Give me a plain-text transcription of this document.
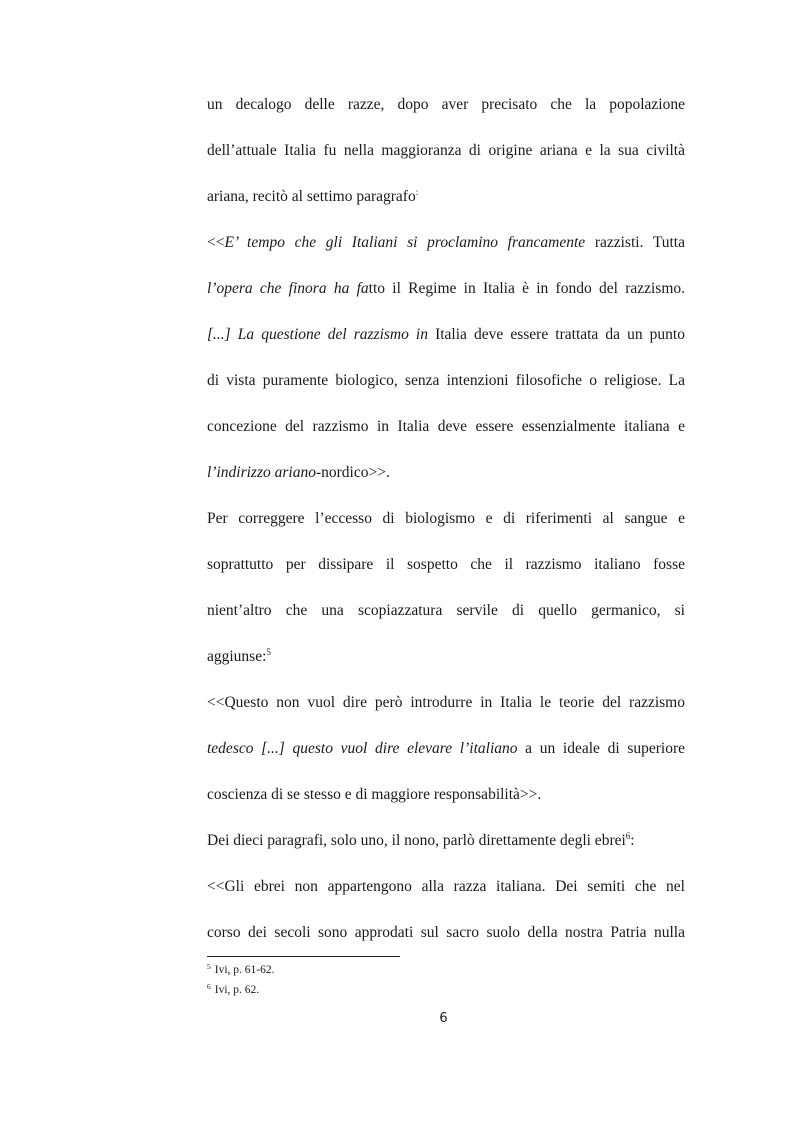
un decalogo delle razze, dopo aver precisato che la popolazione
dell’attuale Italia fu nella maggioranza di origine ariana e la sua civiltà
ariana, recitò al settimo paragrafo:
<<E’ tempo che gli Italiani si proclamino francamente razzisti. Tutta
l’opera che finora ha fatto il Regime in Italia è in fondo del razzismo.
[...] La questione del razzismo in Italia deve essere trattata da un punto
di vista puramente biologico, senza intenzioni filosofiche o religiose. La
concezione del razzismo in Italia deve essere essenzialmente italiana e
l’indirizzo ariano-nordico>>.
Per correggere l’eccesso di biologismo e di riferimenti al sangue e
soprattutto per dissipare il sospetto che il razzismo italiano fosse
nient’altro che una scopiazzatura servile di quello germanico, si
aggiunse:$^5$
<<Questo non vuol dire però introdurre in Italia le teorie del razzismo
tedesco [...] questo vuol dire elevare l’italiano a un ideale di superiore
coscienza di se stesso e di maggiore responsabilità>>.
Dei dieci paragrafi, solo uno, il nono, parlò direttamente degli ebrei$^6$:
<<Gli ebrei non appartengono alla razza italiana. Dei semiti che nel
corso dei secoli sono approdati sul sacro suolo della nostra Patria nulla
$^5$ Ivi, p. 61-62.
$^6$ Ivi, p. 62.
6
